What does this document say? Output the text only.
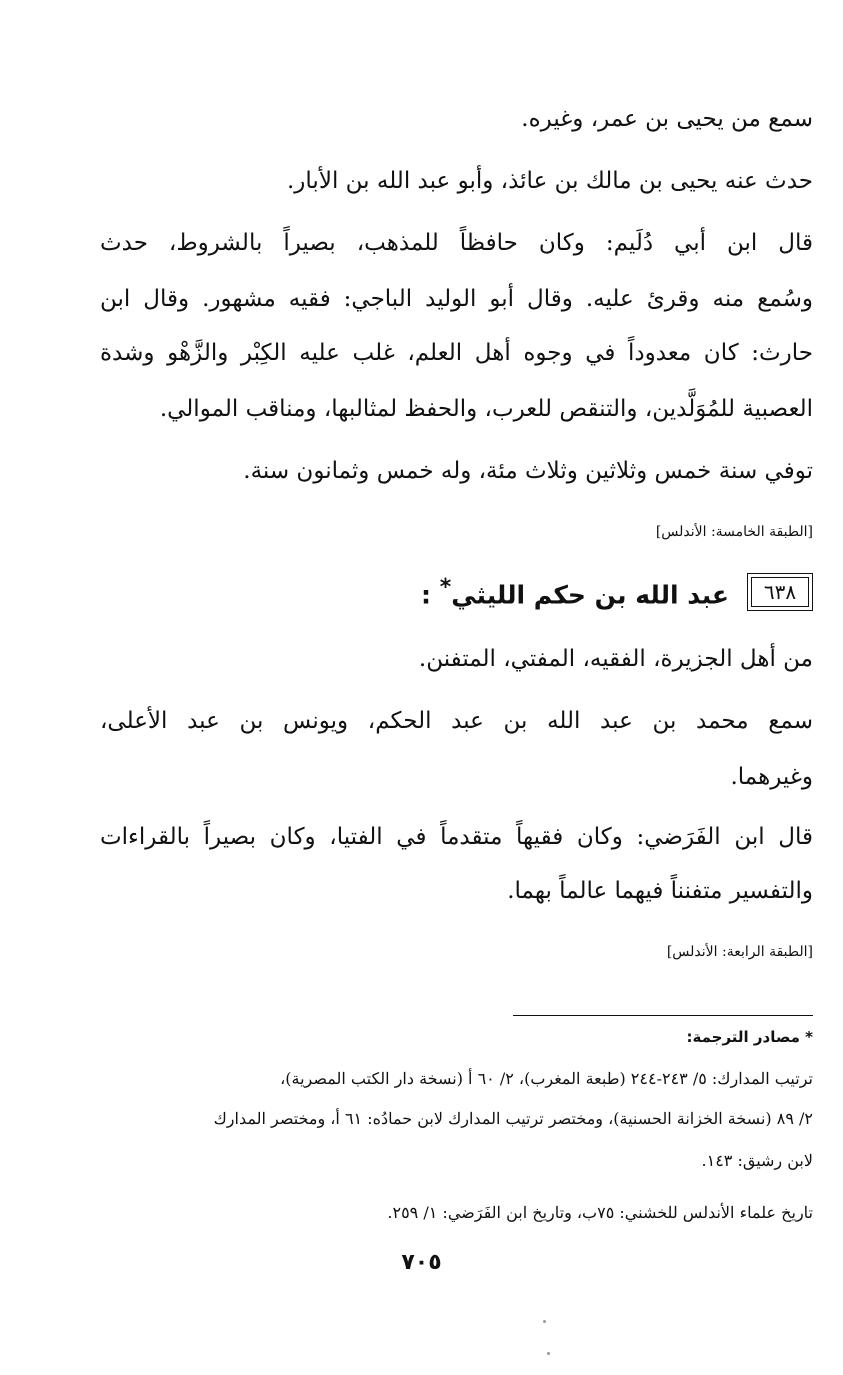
سمع من يحيى بن عمر، وغيره.
حدث عنه يحيى بن مالك بن عائذ، وأبو عبد الله بن الأبار.
قال ابن أبي دُلَيم: وكان حافظاً للمذهب، بصيراً بالشروط، حدث
وسُمع منه وقرئ عليه. وقال أبو الوليد الباجي: فقيه مشهور. وقال ابن
حارث: كان معدوداً في وجوه أهل العلم، غلب عليه الكِبْر والزَّهْو وشدة
العصبية للمُوَلَّدين، والتنقص للعرب، والحفظ لمثالبها، ومناقب الموالي.
توفي سنة خمس وثلاثين وثلاث مئة، وله خمس وثمانون سنة.
[الطبقة الخامسة: الأندلس]
٦٣٨
عبد الله بن حكم الليثي* :
من أهل الجزيرة، الفقيه، المفتي، المتفنن.
سمع محمد بن عبد الله بن عبد الحكم، ويونس بن عبد الأعلى،
وغيرهما.
قال ابن الفَرَضي: وكان فقيهاً متقدماً في الفتيا، وكان بصيراً بالقراءات
والتفسير متفنناً فيهما عالماً بهما.
[الطبقة الرابعة: الأندلس]
* مصادر الترجمة:
ترتيب المدارك: ٥/ ٢٤٣-٢٤٤ (طبعة المغرب)، ٢/ ٦٠ أ (نسخة دار الكتب المصرية)،
٢/ ٨٩ (نسخة الخزانة الحسنية)، ومختصر ترتيب المدارك لابن حمادُه: ٦١ أ، ومختصر المدارك
لابن رشيق: ١٤٣.
تاريخ علماء الأندلس للخشني: ٧٥ب، وتاريخ ابن الفَرَضي: ١/ ٢٥٩.
٧٠٥
